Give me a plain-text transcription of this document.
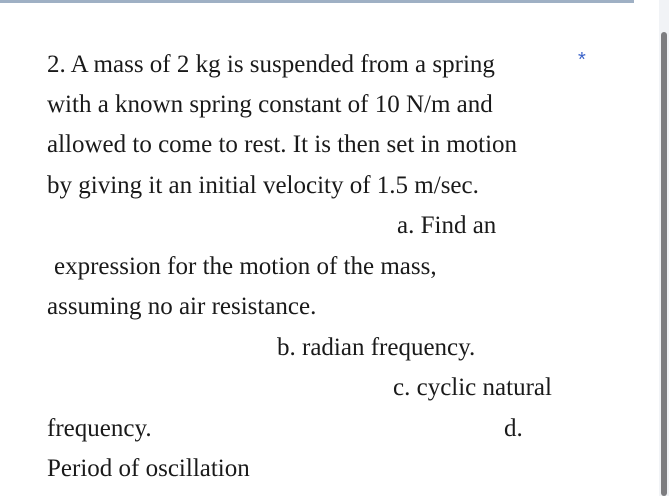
*
2. A mass of 2 kg is suspended from a spring
with a known spring constant of 10 N/m and
allowed to come to rest. It is then set in motion
by giving it an initial velocity of 1.5 m/sec.
a. Find an
expression for the motion of the mass,
assuming no air resistance.
b. radian frequency.
c. cyclic natural
frequency.	d.
Period of oscillation
